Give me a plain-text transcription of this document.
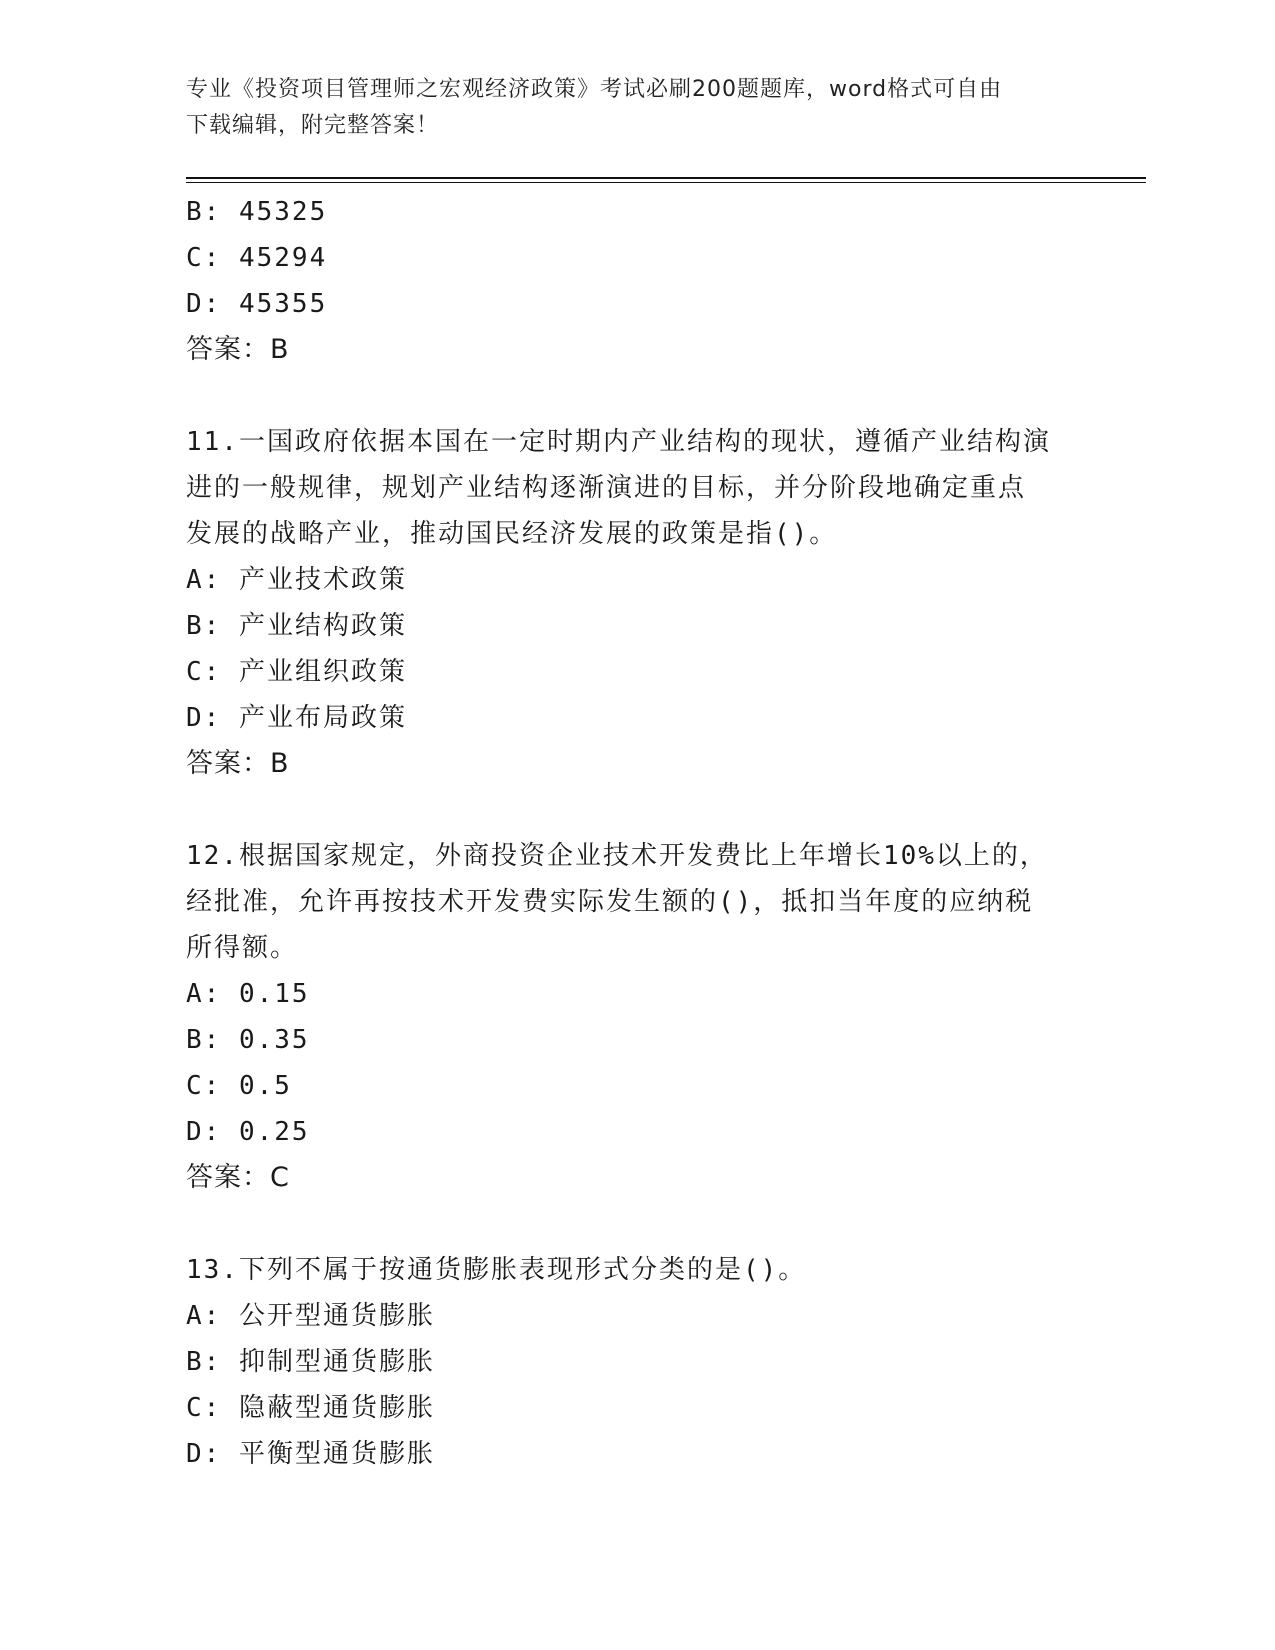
专业《投资项目管理师之宏观经济政策》考试必刷200题题库，word格式可自由
下载编辑，附完整答案！
B: 45325
C: 45294
D: 45355
答案：B
11.一国政府依据本国在一定时期内产业结构的现状，遵循产业结构演
进的一般规律，规划产业结构逐渐演进的目标，并分阶段地确定重点
发展的战略产业，推动国民经济发展的政策是指()。
A: 产业技术政策
B: 产业结构政策
C: 产业组织政策
D: 产业布局政策
答案：B
12.根据国家规定，外商投资企业技术开发费比上年增长10%以上的，
经批准，允许再按技术开发费实际发生额的()，抵扣当年度的应纳税
所得额。
A: 0.15
B: 0.35
C: 0.5
D: 0.25
答案：C
13.下列不属于按通货膨胀表现形式分类的是()。
A: 公开型通货膨胀
B: 抑制型通货膨胀
C: 隐蔽型通货膨胀
D: 平衡型通货膨胀
